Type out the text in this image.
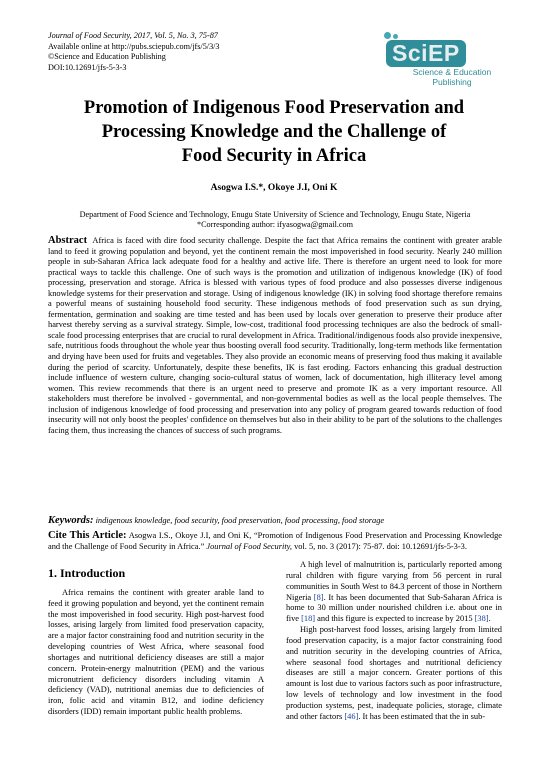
Journal of Food Security, 2017, Vol. 5, No. 3, 75-87
Available online at http://pubs.sciepub.com/jfs/5/3/3
©Science and Education Publishing
DOI:10.12691/jfs-5-3-3
SciEP
Science & Education
Publishing
Promotion of Indigenous Food Preservation and
Processing Knowledge and the Challenge of
Food Security in Africa
Asogwa I.S.*, Okoye J.I, Oni K
Department of Food Science and Technology, Enugu State University of Science and Technology, Enugu State, Nigeria
*Corresponding author: ifyasogwa@gmail.com
Abstract Africa is faced with dire food security challenge. Despite the fact that Africa remains the continent with greater arable land to feed it growing population and beyond, yet the continent remain the most impoverished in food security. Nearly 240 million people in sub-Saharan Africa lack adequate food for a healthy and active life. There is therefore an urgent need to look for more practical ways to tackle this challenge. One of such ways is the promotion and utilization of indigenous knowledge (IK) of food processing, preservation and storage. Africa is blessed with various types of food produce and also possesses diverse indigenous knowledge systems for their preservation and storage. Using of indigenous knowledge (IK) in solving food shortage therefore remains a powerful means of sustaining household food security. These indigenous methods of food preservation such as sun drying, fermentation, germination and soaking are time tested and has been used by locals over generation to preserve their produce after harvest thereby serving as a survival strategy. Simple, low-cost, traditional food processing techniques are also the bedrock of small-scale food processing enterprises that are crucial to rural development in Africa. Traditional/indigenous foods also provide inexpensive, safe, nutritious foods throughout the whole year thus boosting overall food security. Traditionally, long-term methods like fermentation and drying have been used for fruits and vegetables. They also provide an economic means of preserving food thus making it available during the period of scarcity. Unfortunately, despite these benefits, IK is fast eroding. Factors enhancing this gradual destruction include influence of western culture, changing socio-cultural status of women, lack of documentation, high illiteracy level among women. This review recommends that there is an urgent need to preserve and promote IK as a very important resource. All stakeholders must therefore be involved - governmental, and non-governmental bodies as well as the local people themselves. The inclusion of indigenous knowledge of food processing and preservation into any policy of program geared towards reduction of food insecurity will not only boost the peoples' confidence on themselves but also in their ability to be part of the solutions to the challenges facing them, thus increasing the chances of success of such programs.
Keywords: indigenous knowledge, food security, food preservation, food processing, food storage
Cite This Article: Asogwa I.S., Okoye J.I, and Oni K, “Promotion of Indigenous Food Preservation and Processing Knowledge and the Challenge of Food Security in Africa.” Journal of Food Security, vol. 5, no. 3 (2017): 75-87. doi: 10.12691/jfs-5-3-3.
1. Introduction

Africa remains the continent with greater arable land to feed it growing population and beyond, yet the continent remain the most impoverished in food security. High post-harvest food losses, arising largely from limited food preservation capacity, are a major factor constraining food and nutrition security in the developing countries of West Africa, where seasonal food shortages and nutritional deficiency diseases are still a major concern. Protein-energy malnutrition (PEM) and the various micronutrient deficiency disorders including vitamin A deficiency (VAD), nutritional anemias due to deficiencies of iron, folic acid and vitamin B12, and iodine deficiency disorders (IDD) remain important public health problems.

A high level of malnutrition is, particularly reported among rural children with figure varying from 56 percent in rural communities in South West to 84.3 percent of those in Northern Nigeria [8]. It has been documented that Sub-Saharan Africa is home to 30 million under nourished children i.e. about one in five [18] and this figure is expected to increase by 2015 [38].

High post-harvest food losses, arising largely from limited food preservation capacity, is a major factor constraining food and nutrition security in the developing countries of Africa, where seasonal food shortages and nutritional deficiency diseases are still a major concern. Greater portions of this amount is lost due to various factors such as poor infrastructure, low levels of technology and low investment in the food production systems, pest, inadequate policies, storage, climate and other factors [46]. It has been estimated that the in sub-
